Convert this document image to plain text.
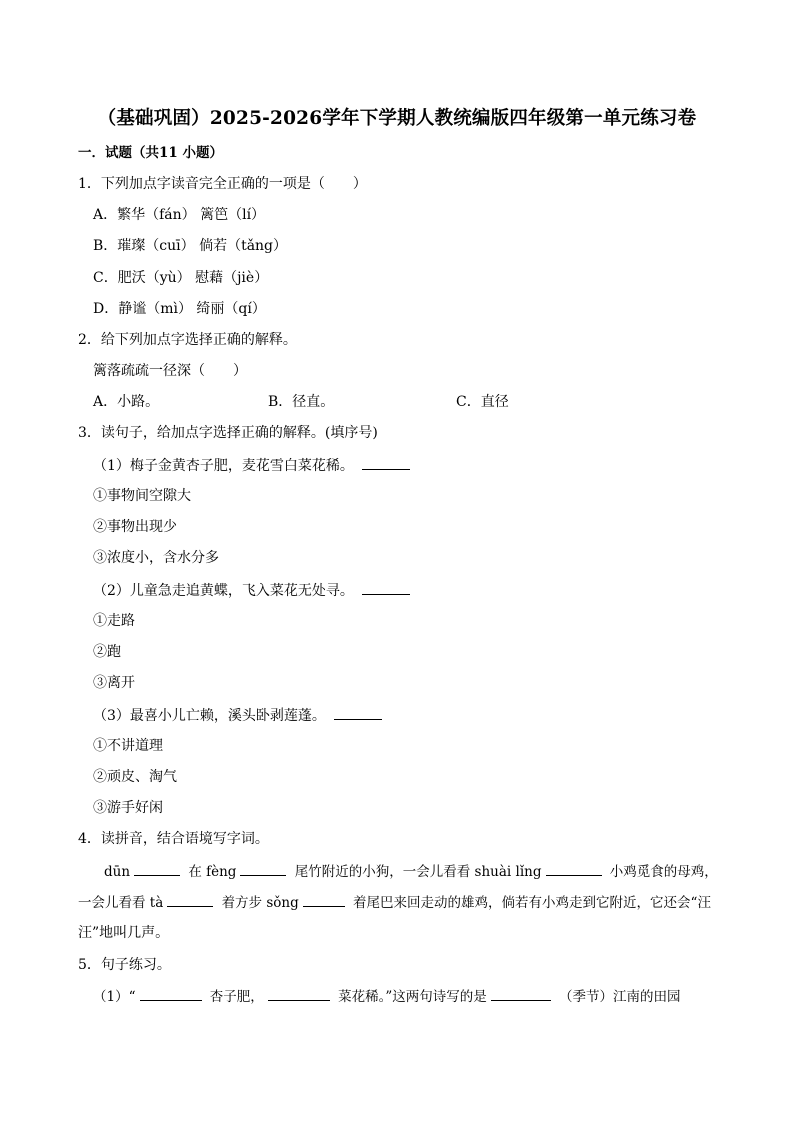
（基础巩固）2025-2026学年下学期人教统编版四年级第一单元练习卷
一．试题（共11 小题）
1．下列加点字读音完全正确的一项是（　　）
A．繁华（fán） 篱笆（lí）
B．璀璨（cuī） 倘若（tǎng）
C．肥沃（yù） 慰藉（jiè）
D．静谧（mì） 绮丽（qí）
2．给下列加点字选择正确的解释。
篱落疏疏一径深（　　）
A．小路。	B．径直。	C．直径
3．读句子，给加点字选择正确的解释。(填序号)
（1）梅子金黄杏子肥，麦花雪白菜花稀。
①事物间空隙大
②事物出现少
③浓度小，含水分多
（2）儿童急走追黄蝶，飞入菜花无处寻。
①走路
②跑
③离开
（3）最喜小儿亡赖，溪头卧剥莲蓬。
①不讲道理
②顽皮、淘气
③游手好闲
4．读拼音，结合语境写字词。
dūn	在 fèng	尾竹附近的小狗，一会儿看看 shuài lǐng	小鸡觅食的母鸡，
一会儿看看 tà	着方步 sǒng	着尾巴来回走动的雄鸡，倘若有小鸡走到它附近，它还会“汪
汪”地叫几声。
5．句子练习。
（1）“	杏子肥，	菜花稀。”这两句诗写的是	（季节）江南的田园
